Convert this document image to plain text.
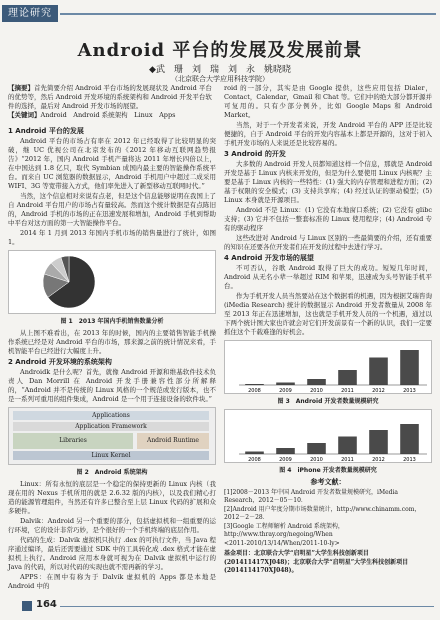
理论研究
Android 平台的发展及发展前景
◆武　珊　刘　瑞　刘　永　姚晓晓
（北京联合大学应用科技学院）
【摘要】首先简要介绍 Android 平台市场的发展现状及 Android 平台的优势等，然后 Android 开发环境的系统架构和 Android 开发平台软件的选择，最后对 Android 开发市场的展望。
【关键词】Android　Android 系统架构　Linux　Apps
1 Android 平台的发展

Android 平台的市场占有率在 2012 年已经取得了比较明显的突破，继 UC 优视公司在北京发布的《2012 年移动互联网趋势报告》“2012 年，国内 Android 手机产量将达 2011 年增长四倍以上，在中国达到 1.8 亿只，取代 Symbian 成国内最主要的智能操作系统平台。而来自 UC 浏览器的数据显示，Android 手机用户中超过二成采用 WIFI、3G 等宽带接入方式，他们率先进入了新型移动互联网时代。”

当然，这个信息相对来说有点老，但是这个信息能够说明在我国上了自 Android 平台用户的市场占有量较高。然而这个统计数据是有点陈旧的，Android 手机的市场的正在迅速发展和增加，Android 手机到帮助中平台对这方面的第一大智能操作平台。

2014 年 1 月到 2013 年国内手机市场的销售量进行了统计，如图 1。

图 1　2013 年国内手机销售数量分析

从上图不难看出，在 2013 年的时候，国内的主要销售智能手机操作系统已经是对 Android 平台的市场，那来源之前的统计情况来看，手机智能平台已经进行大幅度上升。

2 Android 开发环境的系统架构

Androidk 是什么呢？首先，就像 Android 开源和维基软件技术负责人 Dan Morrill 在 Android 开发手册兼容性部分所解释的，“Android 并不是传统的 Linux 风格的一个规范或发行版本，也不是一系列可重用的组件集成，Android 是一个用于连接设备的软件块。”

Applications
Application Framework
Libraries	Android Runtime
Linux Kernel
图 2　Android 系统架构

Linux：所有永恒的底层是一个稳定的保持更新的 Linux 内核（我现在用的 Nexus 手机所用的就是 2.6.32 版的内核），以及我们精心打造的能源管理组件，当然还有许多已整合至上层 Linux 代码的扩展和众多硬件。

Dalvik：Android 另一个重要的部分，包括虚拟机和一组重要的运行环境，它的设计非常巧妙，是个很好的一个手机终端的底层作用。

代码的生成：Dalvik 虚拟机只执行 .dex 的可执行文件，当 Java 程序通过编译，最后还需要通过 SDK 中的工具转化成 .dex 格式才能在虚拟机上执行。Android 应用本身就可视为在 Dalvik 虚拟机中运行的 Java 的代码，所以对代码的实现也就不需再新的学习。

APPS：在图中有称为于 Dalvik 虚拟机的 Apps 都是本地是 Android 中的

roid 的一部分，其实是由 Google 提供，这些应用包括 Dialer，Contact，Calendar，Gmail 和 Chat 等。它们中的绝大部分都开源并可复用的。只有少部分例外，比如 Google Maps 和 Android Market。

当然，对于一个开发者来说，开发 Android 平台的 APP 还是比较便捷的，自于 Android 平台的开发内容基本上都是开源的，这对于初入手机开发市场的人来说还是比较容易的。

3 Android 的开发

大多数的 Android 开发人员都知道这样一个信息，那就是 Android 开发是基于 Linux 内核来开发的，但是为什么要使用 Linux 内核呢？主要是基于 Linux 内核的一些特性：(1) 强大的内存管理和进程方面；(2) 基于权限的安全模式；(3) 支持共享库；(4) 经过认证的驱动模型；(5) Linux 本身就是开源项目。

Android 不是 Linux：(1) 它没有本地窗口系统；(2) 它没有 glibc 支持；(3) 它并不包括一整套标准的 Linux 使用程序；(4) Android 专有的驱动程序

这些改进对 Android 与 Linux 区别的一些最简要的介绍，还有重要的知识在还要各位开发者们在开发的过程中去进行学习。

4 Android 开发市场的展望

不可否认，谷歌 Android 取得了巨大的成功。短短几年时间，Android 从无名小辈一举超过 RIM 和苹果，迅速成为头号智能手机平台。

作为手机开发人员当然要站在这个数据看的机遇，因为根据艾瑞咨询 (iMedia Research) 统计的数据显示 Android 开发者数量从 2008 年至 2013 年正在迅速增加，这也就是手机开发人员的一个机遇，通过以下两个统计图大家也许就会对它们开发前景有一个新的认识，我们一定要抓住这个千载难逢的好机会。

2008	2009	2010	2011	2012	2013
图 3　Android 开发者数量规模研究
2008	2009	2010	2011	2012	2013
图 4　iPhone 开发者数量规模研究
参考文献：
[1]2008－2013 年中国 Android 开发者数量规模研究，iMedia Research，2012－05－10．
[2]Android 用户年度分期市场数量统计，http://www.chinamm.com，2012－2－28．
[3]Google 工程师解析 Android 系统架构，http://www.thray.org/negoing/When
<2011-2010/13/14/When/2011-10-ly>
基金项目：北京联合大学“启明星”大学生科技创新项目(201411417XJ048)；北京联合大学“启明星”大学生科技创新项目(2014114170XJ048)。
164
